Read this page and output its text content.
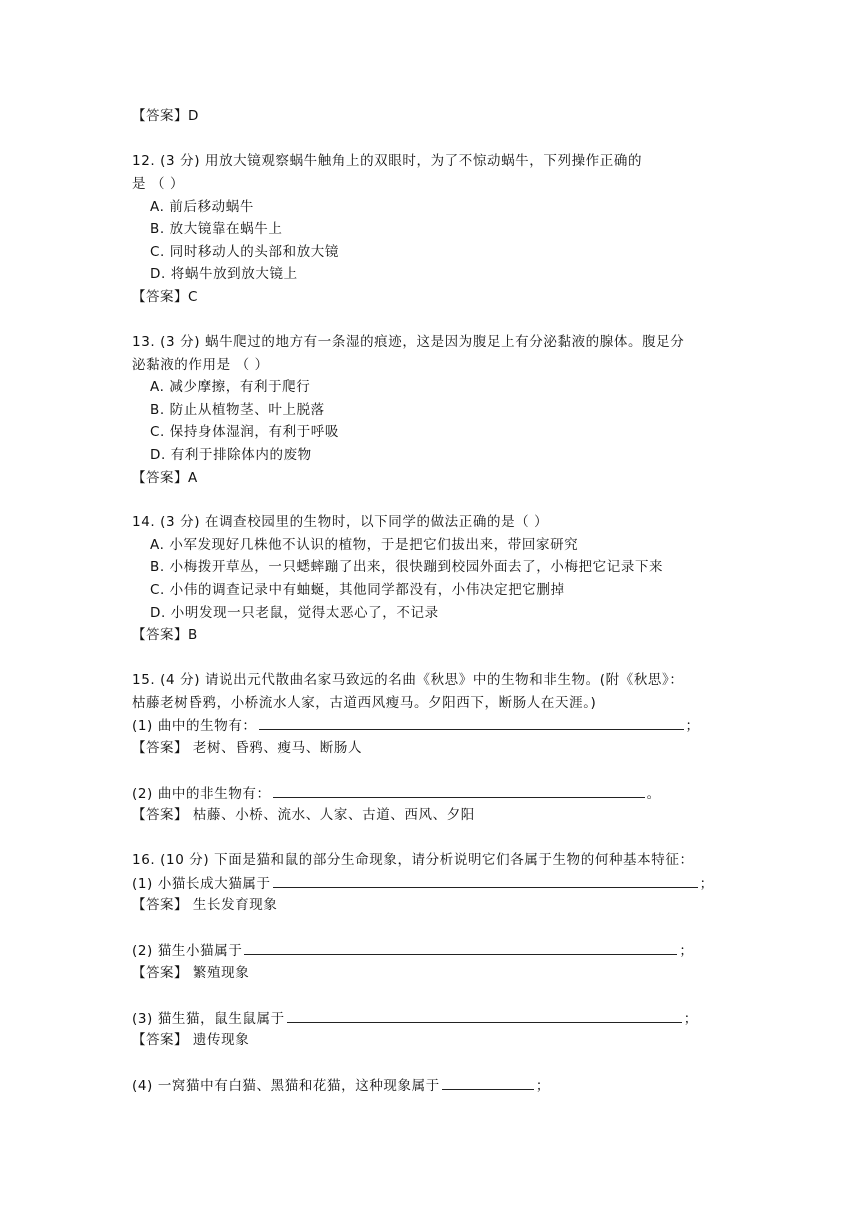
【答案】D
12. (3 分) 用放大镜观察蜗牛触角上的双眼时，为了不惊动蜗牛，下列操作正确的
是 （ ）
A. 前后移动蜗牛
B. 放大镜靠在蜗牛上
C. 同时移动人的头部和放大镜
D. 将蜗牛放到放大镜上
【答案】C
13. (3 分) 蜗牛爬过的地方有一条湿的痕迹，这是因为腹足上有分泌黏液的腺体。腹足分
泌黏液的作用是 （ ）
A. 减少摩擦，有利于爬行
B. 防止从植物茎、叶上脱落
C. 保持身体湿润，有利于呼吸
D. 有利于排除体内的废物
【答案】A
14. (3 分) 在调查校园里的生物时，以下同学的做法正确的是（ ）
A. 小军发现好几株他不认识的植物，于是把它们拔出来，带回家研究
B. 小梅拨开草丛，一只蟋蟀蹦了出来，很快蹦到校园外面去了，小梅把它记录下来
C. 小伟的调查记录中有蚰蜒，其他同学都没有，小伟决定把它删掉
D. 小明发现一只老鼠，觉得太恶心了，不记录
【答案】B
15. (4 分) 请说出元代散曲名家马致远的名曲《秋思》中的生物和非生物。(附《秋思》：
枯藤老树昏鸦，小桥流水人家，古道西风瘦马。夕阳西下，断肠人在天涯。)
(1) 曲中的生物有：	；
【答案】 老树、昏鸦、瘦马、断肠人
(2) 曲中的非生物有：	。
【答案】 枯藤、小桥、流水、人家、古道、西风、夕阳
16. (10 分) 下面是猫和鼠的部分生命现象，请分析说明它们各属于生物的何种基本特征：
(1) 小猫长成大猫属于	；
【答案】 生长发育现象
(2) 猫生小猫属于	；
【答案】 繁殖现象
(3) 猫生猫，鼠生鼠属于	；
【答案】 遗传现象
(4) 一窝猫中有白猫、黑猫和花猫，这种现象属于	；
